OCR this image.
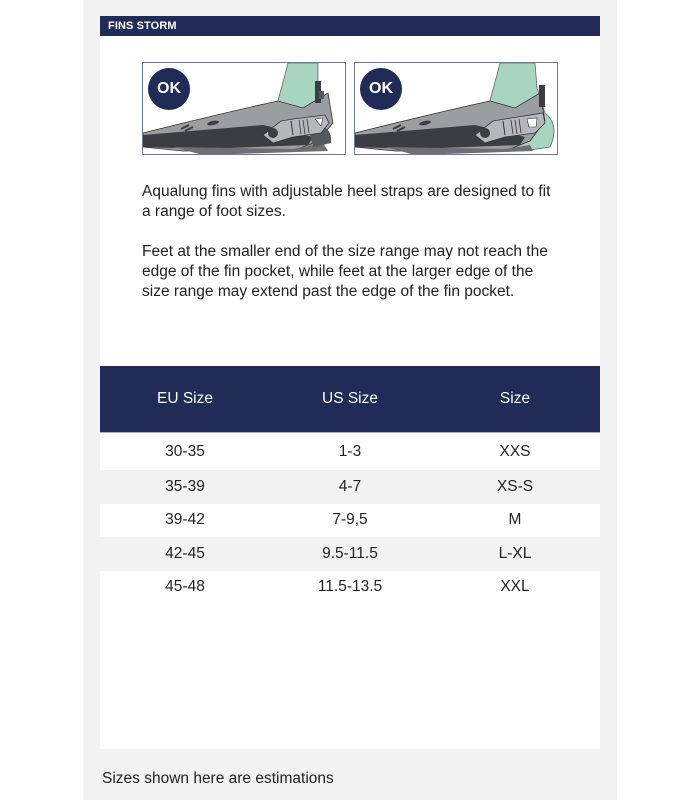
FINS STORM
OK	OK

Aqualung fins with adjustable heel straps are designed to fit a range of foot sizes.

Feet at the smaller end of the size range may not reach the edge of the fin pocket, while feet at the larger edge of the size range may extend past the edge of the fin pocket.

EU Size	US Size	Size
30-35	1-3	XXS
35-39	4-7	XS-S
39-42	7-9,5	M
42-45	9.5-11.5	L-XL
45-48	11.5-13.5	XXL
Sizes shown here are estimations
